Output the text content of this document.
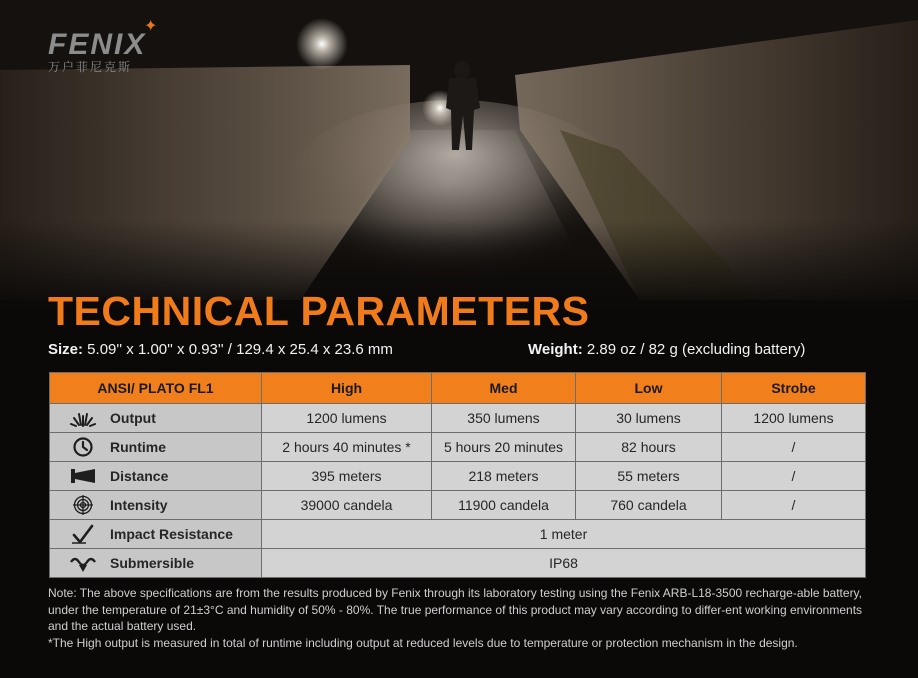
FENIX
万户菲尼克斯
✦
TECHNICAL PARAMETERS
Size: 5.09'' x 1.00'' x 0.93'' / 129.4 x 25.4 x 23.6 mm	Weight: 2.89 oz / 82 g (excluding battery)
ANSI/ PLATO FL1	High	Med	Low	Strobe
Output	1200 lumens	350 lumens	30 lumens	1200 lumens
Runtime	2 hours 40 minutes *	5 hours 20 minutes	82 hours	/
Distance	395 meters	218 meters	55 meters	/
Intensity	39000 candela	11900 candela	760 candela	/
Impact Resistance	1 meter			
Submersible	IP68			

Note: The above specifications are from the results produced by Fenix through its laboratory testing using the Fenix ARB-L18-3500 recharge-able battery, under the temperature of 21±3°C and humidity of 50% - 80%. The true performance of this product may vary according to differ-ent working environments and the actual battery used.

*The High output is measured in total of runtime including output at reduced levels due to temperature or protection mechanism in the design.
